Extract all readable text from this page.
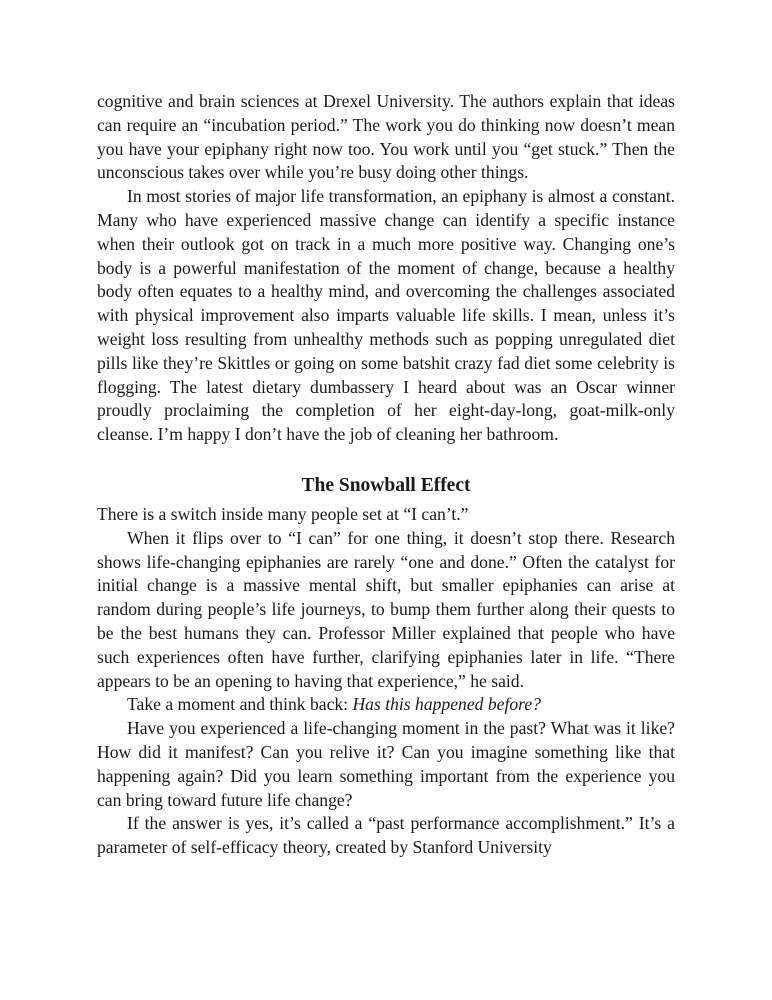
cognitive and brain sciences at Drexel University. The authors explain that ideas can require an “incubation period.” The work you do thinking now doesn’t mean you have your epiphany right now too. You work until you “get stuck.” Then the unconscious takes over while you’re busy doing other things.

In most stories of major life transformation, an epiphany is almost a constant. Many who have experienced massive change can identify a specific instance when their outlook got on track in a much more positive way. Changing one’s body is a powerful manifestation of the moment of change, because a healthy body often equates to a healthy mind, and overcoming the challenges associated with physical improvement also imparts valuable life skills. I mean, unless it’s weight loss resulting from unhealthy methods such as popping unregulated diet pills like they’re Skittles or going on some batshit crazy fad diet some celebrity is flogging. The latest dietary dumbassery I heard about was an Oscar winner proudly proclaiming the completion of her eight-day-long, goat-milk-only cleanse. I’m happy I don’t have the job of cleaning her bathroom.

The Snowball Effect

There is a switch inside many people set at “I can’t.”

When it flips over to “I can” for one thing, it doesn’t stop there. Research shows life-changing epiphanies are rarely “one and done.” Often the catalyst for initial change is a massive mental shift, but smaller epiphanies can arise at random during people’s life journeys, to bump them further along their quests to be the best humans they can. Professor Miller explained that people who have such experiences often have further, clarifying epiphanies later in life. “There appears to be an opening to having that experience,” he said.

Take a moment and think back: Has this happened before?

Have you experienced a life-changing moment in the past? What was it like? How did it manifest? Can you relive it? Can you imagine something like that happening again? Did you learn something important from the experience you can bring toward future life change?

If the answer is yes, it’s called a “past performance accomplishment.” It’s a parameter of self-efficacy theory, created by Stanford University
